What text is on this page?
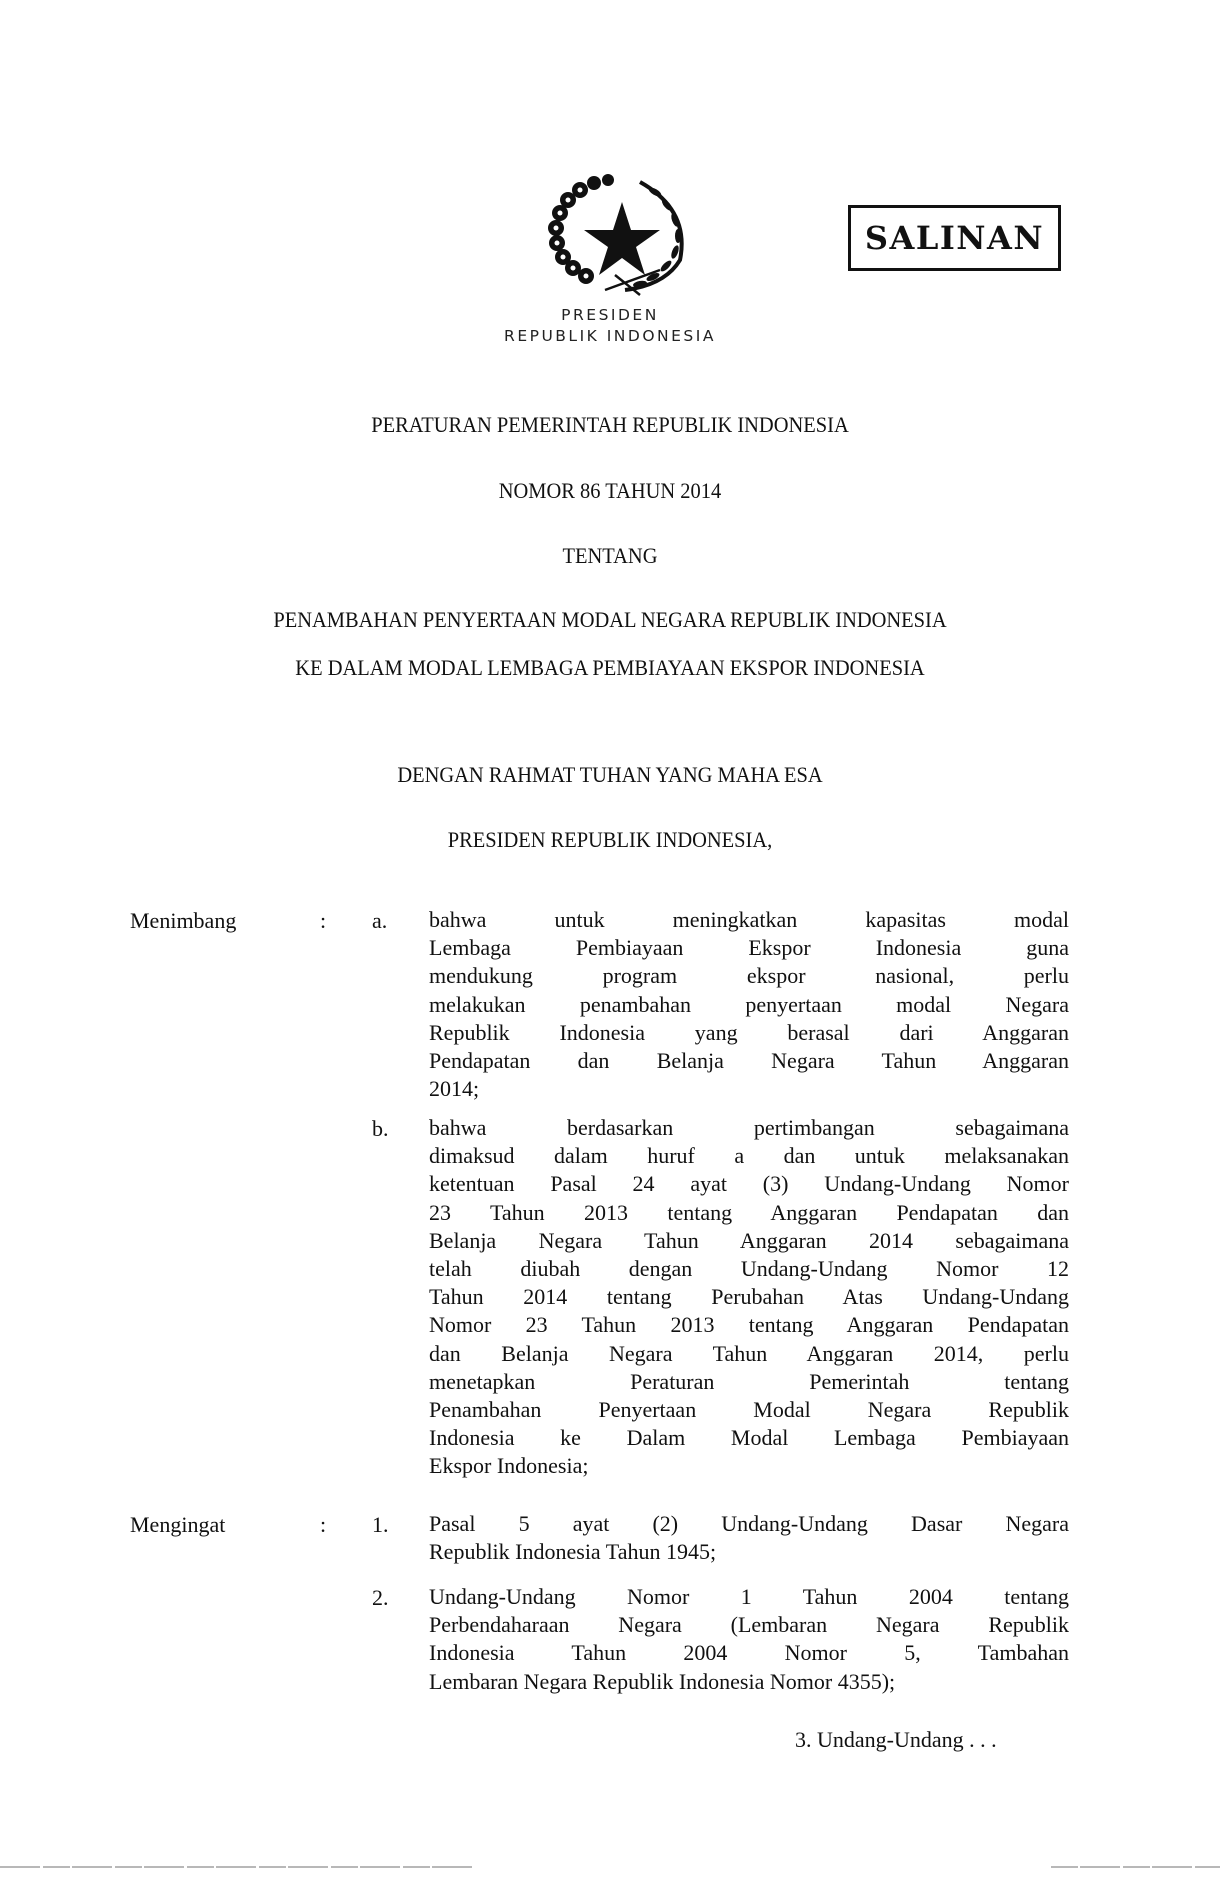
PRESIDEN
REPUBLIK INDONESIA
SALINAN
PERATURAN PEMERINTAH REPUBLIK INDONESIA
NOMOR 86 TAHUN 2014
TENTANG
PENAMBAHAN PENYERTAAN MODAL NEGARA REPUBLIK INDONESIA
KE DALAM MODAL LEMBAGA PEMBIAYAAN EKSPOR INDONESIA
DENGAN RAHMAT TUHAN YANG MAHA ESA
PRESIDEN REPUBLIK INDONESIA,
Menimbang	: a. bahwa untuk meningkatkan kapasitas modal
Lembaga Pembiayaan Ekspor Indonesia guna
mendukung program ekspor nasional, perlu
melakukan penambahan penyertaan modal Negara
Republik Indonesia yang berasal dari Anggaran
Pendapatan dan Belanja Negara Tahun Anggaran
2014;
b. bahwa berdasarkan pertimbangan sebagaimana
dimaksud dalam huruf a dan untuk melaksanakan
ketentuan Pasal 24 ayat (3) Undang-Undang Nomor
23 Tahun 2013 tentang Anggaran Pendapatan dan
Belanja Negara Tahun Anggaran 2014 sebagaimana
telah diubah dengan Undang-Undang Nomor 12
Tahun 2014 tentang Perubahan Atas Undang-Undang
Nomor 23 Tahun 2013 tentang Anggaran Pendapatan
dan Belanja Negara Tahun Anggaran 2014, perlu
menetapkan Peraturan Pemerintah tentang
Penambahan Penyertaan Modal Negara Republik
Indonesia ke Dalam Modal Lembaga Pembiayaan
Ekspor Indonesia;
Mengingat	: 1. Pasal 5 ayat (2) Undang-Undang Dasar Negara
Republik Indonesia Tahun 1945;
2. Undang-Undang Nomor 1 Tahun 2004 tentang
Perbendaharaan Negara (Lembaran Negara Republik
Indonesia Tahun 2004 Nomor 5, Tambahan
Lembaran Negara Republik Indonesia Nomor 4355);
3. Undang-Undang . . .
